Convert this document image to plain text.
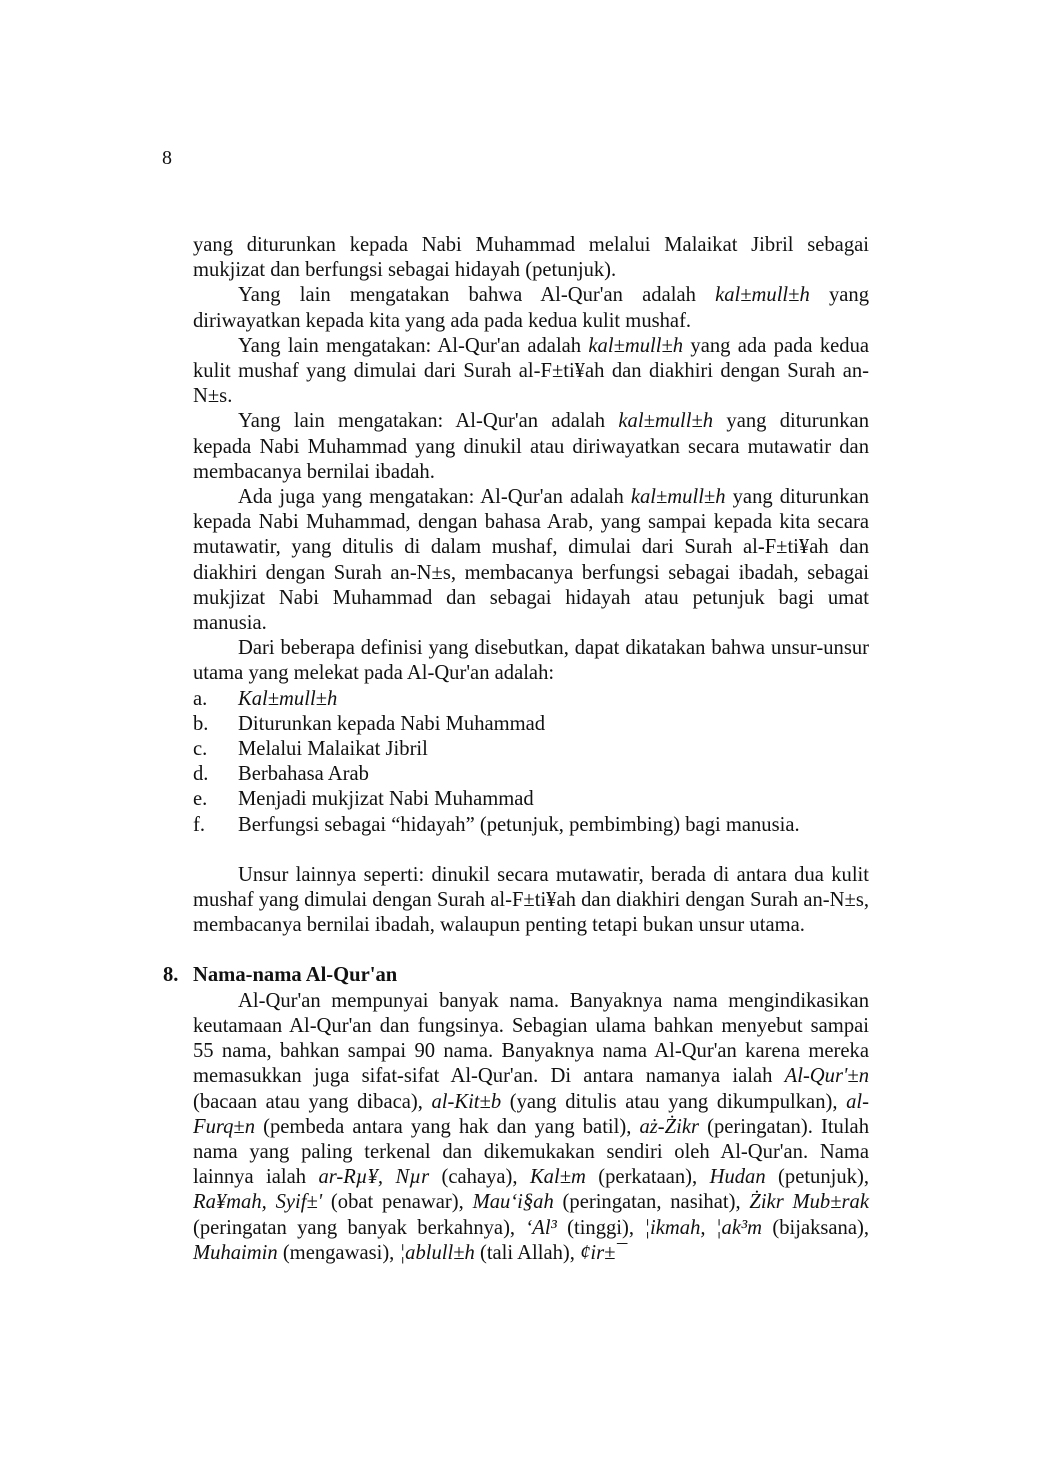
8

yang diturunkan kepada Nabi Muhammad melalui Malaikat Jibril sebagai mukjizat dan berfungsi sebagai hidayah (petunjuk).

Yang lain mengatakan bahwa Al-Qur'an adalah kal±mull±h yang diriwayatkan kepada kita yang ada pada kedua kulit mushaf.

Yang lain mengatakan: Al-Qur'an adalah kal±mull±h yang ada pada kedua kulit mushaf yang dimulai dari Surah al-F±ti¥ah dan diakhiri dengan Surah an-N±s.

Yang lain mengatakan: Al-Qur'an adalah kal±mull±h yang diturunkan kepada Nabi Muhammad yang dinukil atau diriwayatkan secara mutawatir dan membacanya bernilai ibadah.

Ada juga yang mengatakan: Al-Qur'an adalah kal±mull±h yang diturunkan kepada Nabi Muhammad, dengan bahasa Arab, yang sampai kepada kita secara mutawatir, yang ditulis di dalam mushaf, dimulai dari Surah al-F±ti¥ah dan diakhiri dengan Surah an-N±s, membacanya berfungsi sebagai ibadah, sebagai mukjizat Nabi Muhammad dan sebagai hidayah atau petunjuk bagi umat manusia.

Dari beberapa definisi yang disebutkan, dapat dikatakan bahwa unsur-unsur utama yang melekat pada Al-Qur'an adalah:

a.	Kal±mull±h
b.	Diturunkan kepada Nabi Muhammad
c.	Melalui Malaikat Jibril
d.	Berbahasa Arab
e.	Menjadi mukjizat Nabi Muhammad
f.	Berfungsi sebagai “hidayah” (petunjuk, pembimbing) bagi manusia.

Unsur lainnya seperti: dinukil secara mutawatir, berada di antara dua kulit mushaf yang dimulai dengan Surah al-F±ti¥ah dan diakhiri dengan Surah an-N±s, membacanya bernilai ibadah, walaupun penting tetapi bukan unsur utama.

8. Nama-nama Al-Qur'an

Al-Qur'an mempunyai banyak nama. Banyaknya nama mengindikasikan keutamaan Al-Qur'an dan fungsinya. Sebagian ulama bahkan menyebut sampai 55 nama, bahkan sampai 90 nama. Banyaknya nama Al-Qur'an karena mereka memasukkan juga sifat-sifat Al-Qur'an. Di antara namanya ialah Al-Qur'±n (bacaan atau yang dibaca), al-Kit±b (yang ditulis atau yang dikumpulkan), al-Furq±n (pembeda antara yang hak dan yang batil), aż-Żikr (peringatan). Itulah nama yang paling terkenal dan dikemukakan sendiri oleh Al-Qur'an. Nama lainnya ialah ar-Rµ¥, Nµr (cahaya), Kal±m (perkataan), Hudan (petunjuk), Ra¥mah, Syif±' (obat penawar), Mau‘i§ah (peringatan, nasihat), Żikr Mub±rak (peringatan yang banyak berkahnya), ‘Al³ (tinggi), ¦ikmah, ¦ak³m (bijaksana), Muhaimin (mengawasi), ¦ablull±h (tali Allah), ¢ir±¯
